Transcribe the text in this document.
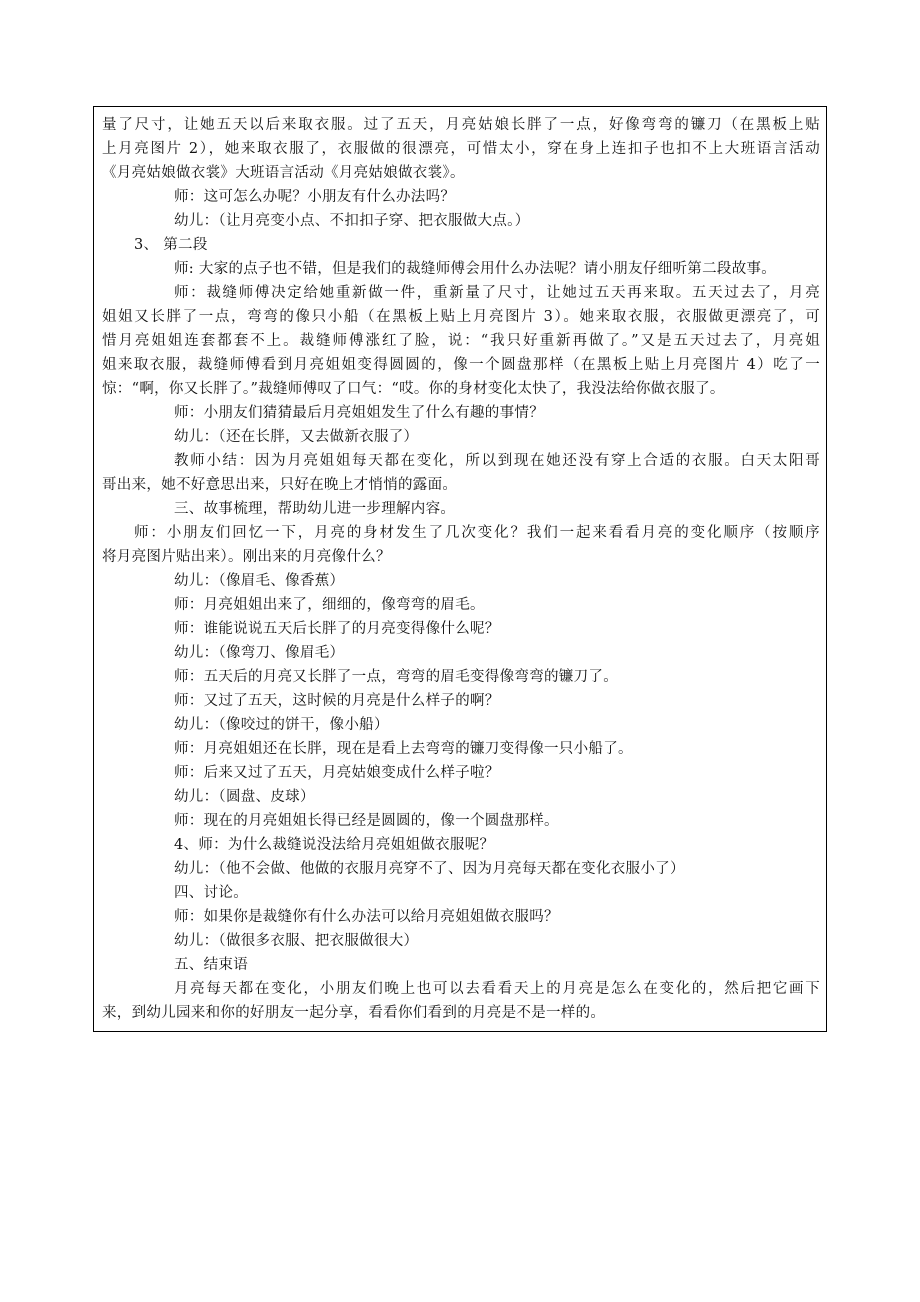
量了尺寸，让她五天以后来取衣服。过了五天，月亮姑娘长胖了一点，好像弯弯的镰刀（在黑板上贴
上月亮图片 2），她来取衣服了，衣服做的很漂亮，可惜太小，穿在身上连扣子也扣不上大班语言活动
《月亮姑娘做衣裳》大班语言活动《月亮姑娘做衣裳》。
师：这可怎么办呢？小朋友有什么办法吗？
幼儿：（让月亮变小点、不扣扣子穿、把衣服做大点。）
3、 第二段
师: 大家的点子也不错，但是我们的裁缝师傅会用什么办法呢？请小朋友仔细听第二段故事。
师：裁缝师傅决定给她重新做一件，重新量了尺寸，让她过五天再来取。五天过去了，月亮
姐姐又长胖了一点，弯弯的像只小船（在黑板上贴上月亮图片 3）。她来取衣服，衣服做更漂亮了，可
惜月亮姐姐连套都套不上。裁缝师傅涨红了脸，说：“我只好重新再做了。”又是五天过去了，月亮姐
姐来取衣服，裁缝师傅看到月亮姐姐变得圆圆的，像一个圆盘那样（在黑板上贴上月亮图片 4）吃了一
惊：“啊，你又长胖了。”裁缝师傅叹了口气：“哎。你的身材变化太快了，我没法给你做衣服了。
师：小朋友们猜猜最后月亮姐姐发生了什么有趣的事情？
幼儿：（还在长胖，又去做新衣服了）
教师小结：因为月亮姐姐每天都在变化，所以到现在她还没有穿上合适的衣服。白天太阳哥
哥出来，她不好意思出来，只好在晚上才悄悄的露面。
三、故事梳理，帮助幼儿进一步理解内容。
师：小朋友们回忆一下，月亮的身材发生了几次变化？我们一起来看看月亮的变化顺序（按顺序
将月亮图片贴出来）。刚出来的月亮像什么？
幼儿：（像眉毛、像香蕉）
师：月亮姐姐出来了，细细的，像弯弯的眉毛。
师：谁能说说五天后长胖了的月亮变得像什么呢？
幼儿：（像弯刀、像眉毛）
师：五天后的月亮又长胖了一点，弯弯的眉毛变得像弯弯的镰刀了。
师：又过了五天，这时候的月亮是什么样子的啊？
幼儿：（像咬过的饼干，像小船）
师：月亮姐姐还在长胖，现在是看上去弯弯的镰刀变得像一只小船了。
师：后来又过了五天，月亮姑娘变成什么样子啦？
幼儿：（圆盘、皮球）
师：现在的月亮姐姐长得已经是圆圆的，像一个圆盘那样。
4、师：为什么裁缝说没法给月亮姐姐做衣服呢？
幼儿：（他不会做、他做的衣服月亮穿不了、因为月亮每天都在变化衣服小了）
四、讨论。
师：如果你是裁缝你有什么办法可以给月亮姐姐做衣服吗？
幼儿：（做很多衣服、把衣服做很大）
五、结束语
月亮每天都在变化，小朋友们晚上也可以去看看天上的月亮是怎么在变化的，然后把它画下
来，到幼儿园来和你的好朋友一起分享，看看你们看到的月亮是不是一样的。
